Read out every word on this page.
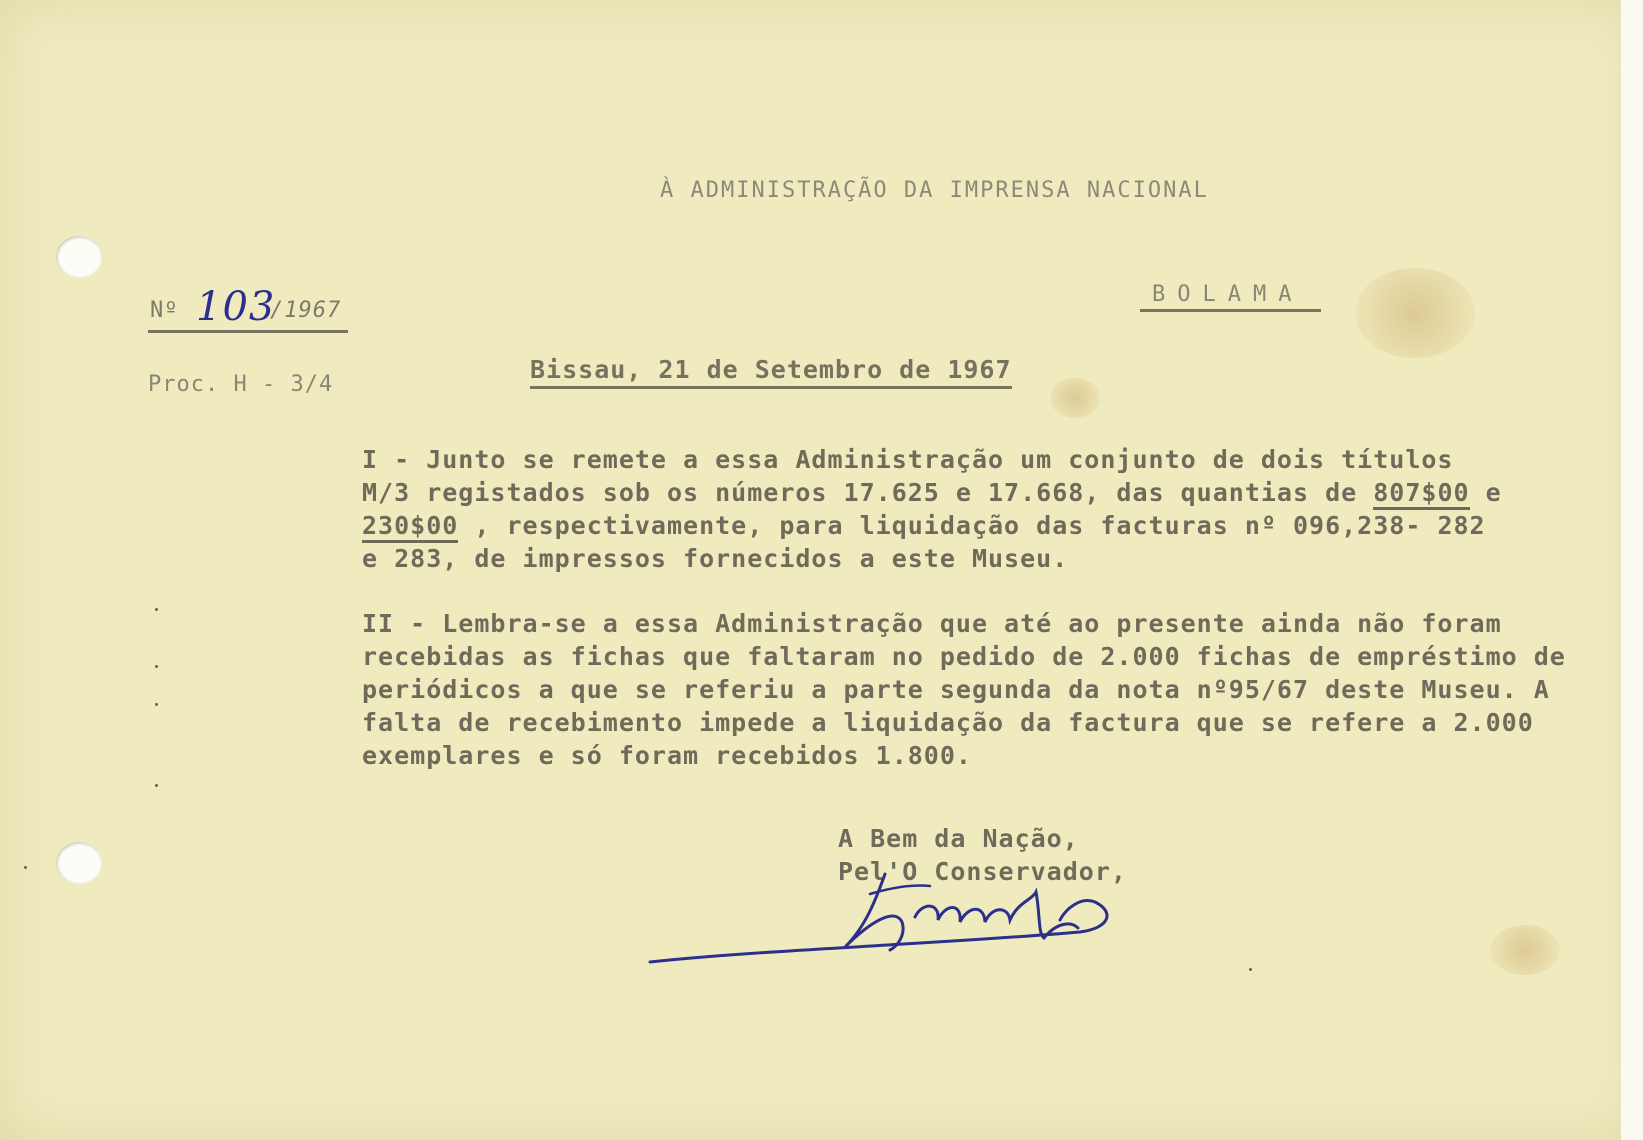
À ADMINISTRAÇÃO DA IMPRENSA NACIONAL

BOLAMA

Nº

103

/1967

Proc. H - 3/4

Bissau, 21 de Setembro de 1967

I - Junto se remete a essa Administração um conjunto de dois títulos
M/3 registados sob os números 17.625 e 17.668, das quantias de 807$00 e
230$00 , respectivamente, para liquidação das facturas nº 096,238- 282
e 283, de impressos fornecidos a este Museu.
II - Lembra-se a essa Administração que até ao presente ainda não foram
recebidas as fichas que faltaram no pedido de 2.000 fichas de empréstimo de
periódicos a que se referiu a parte segunda da nota nº95/67 deste Museu. A
falta de recebimento impede a liquidação da factura que se refere a 2.000
exemplares e só foram recebidos 1.800.
A Bem da Nação,
Pel'O Conservador,
